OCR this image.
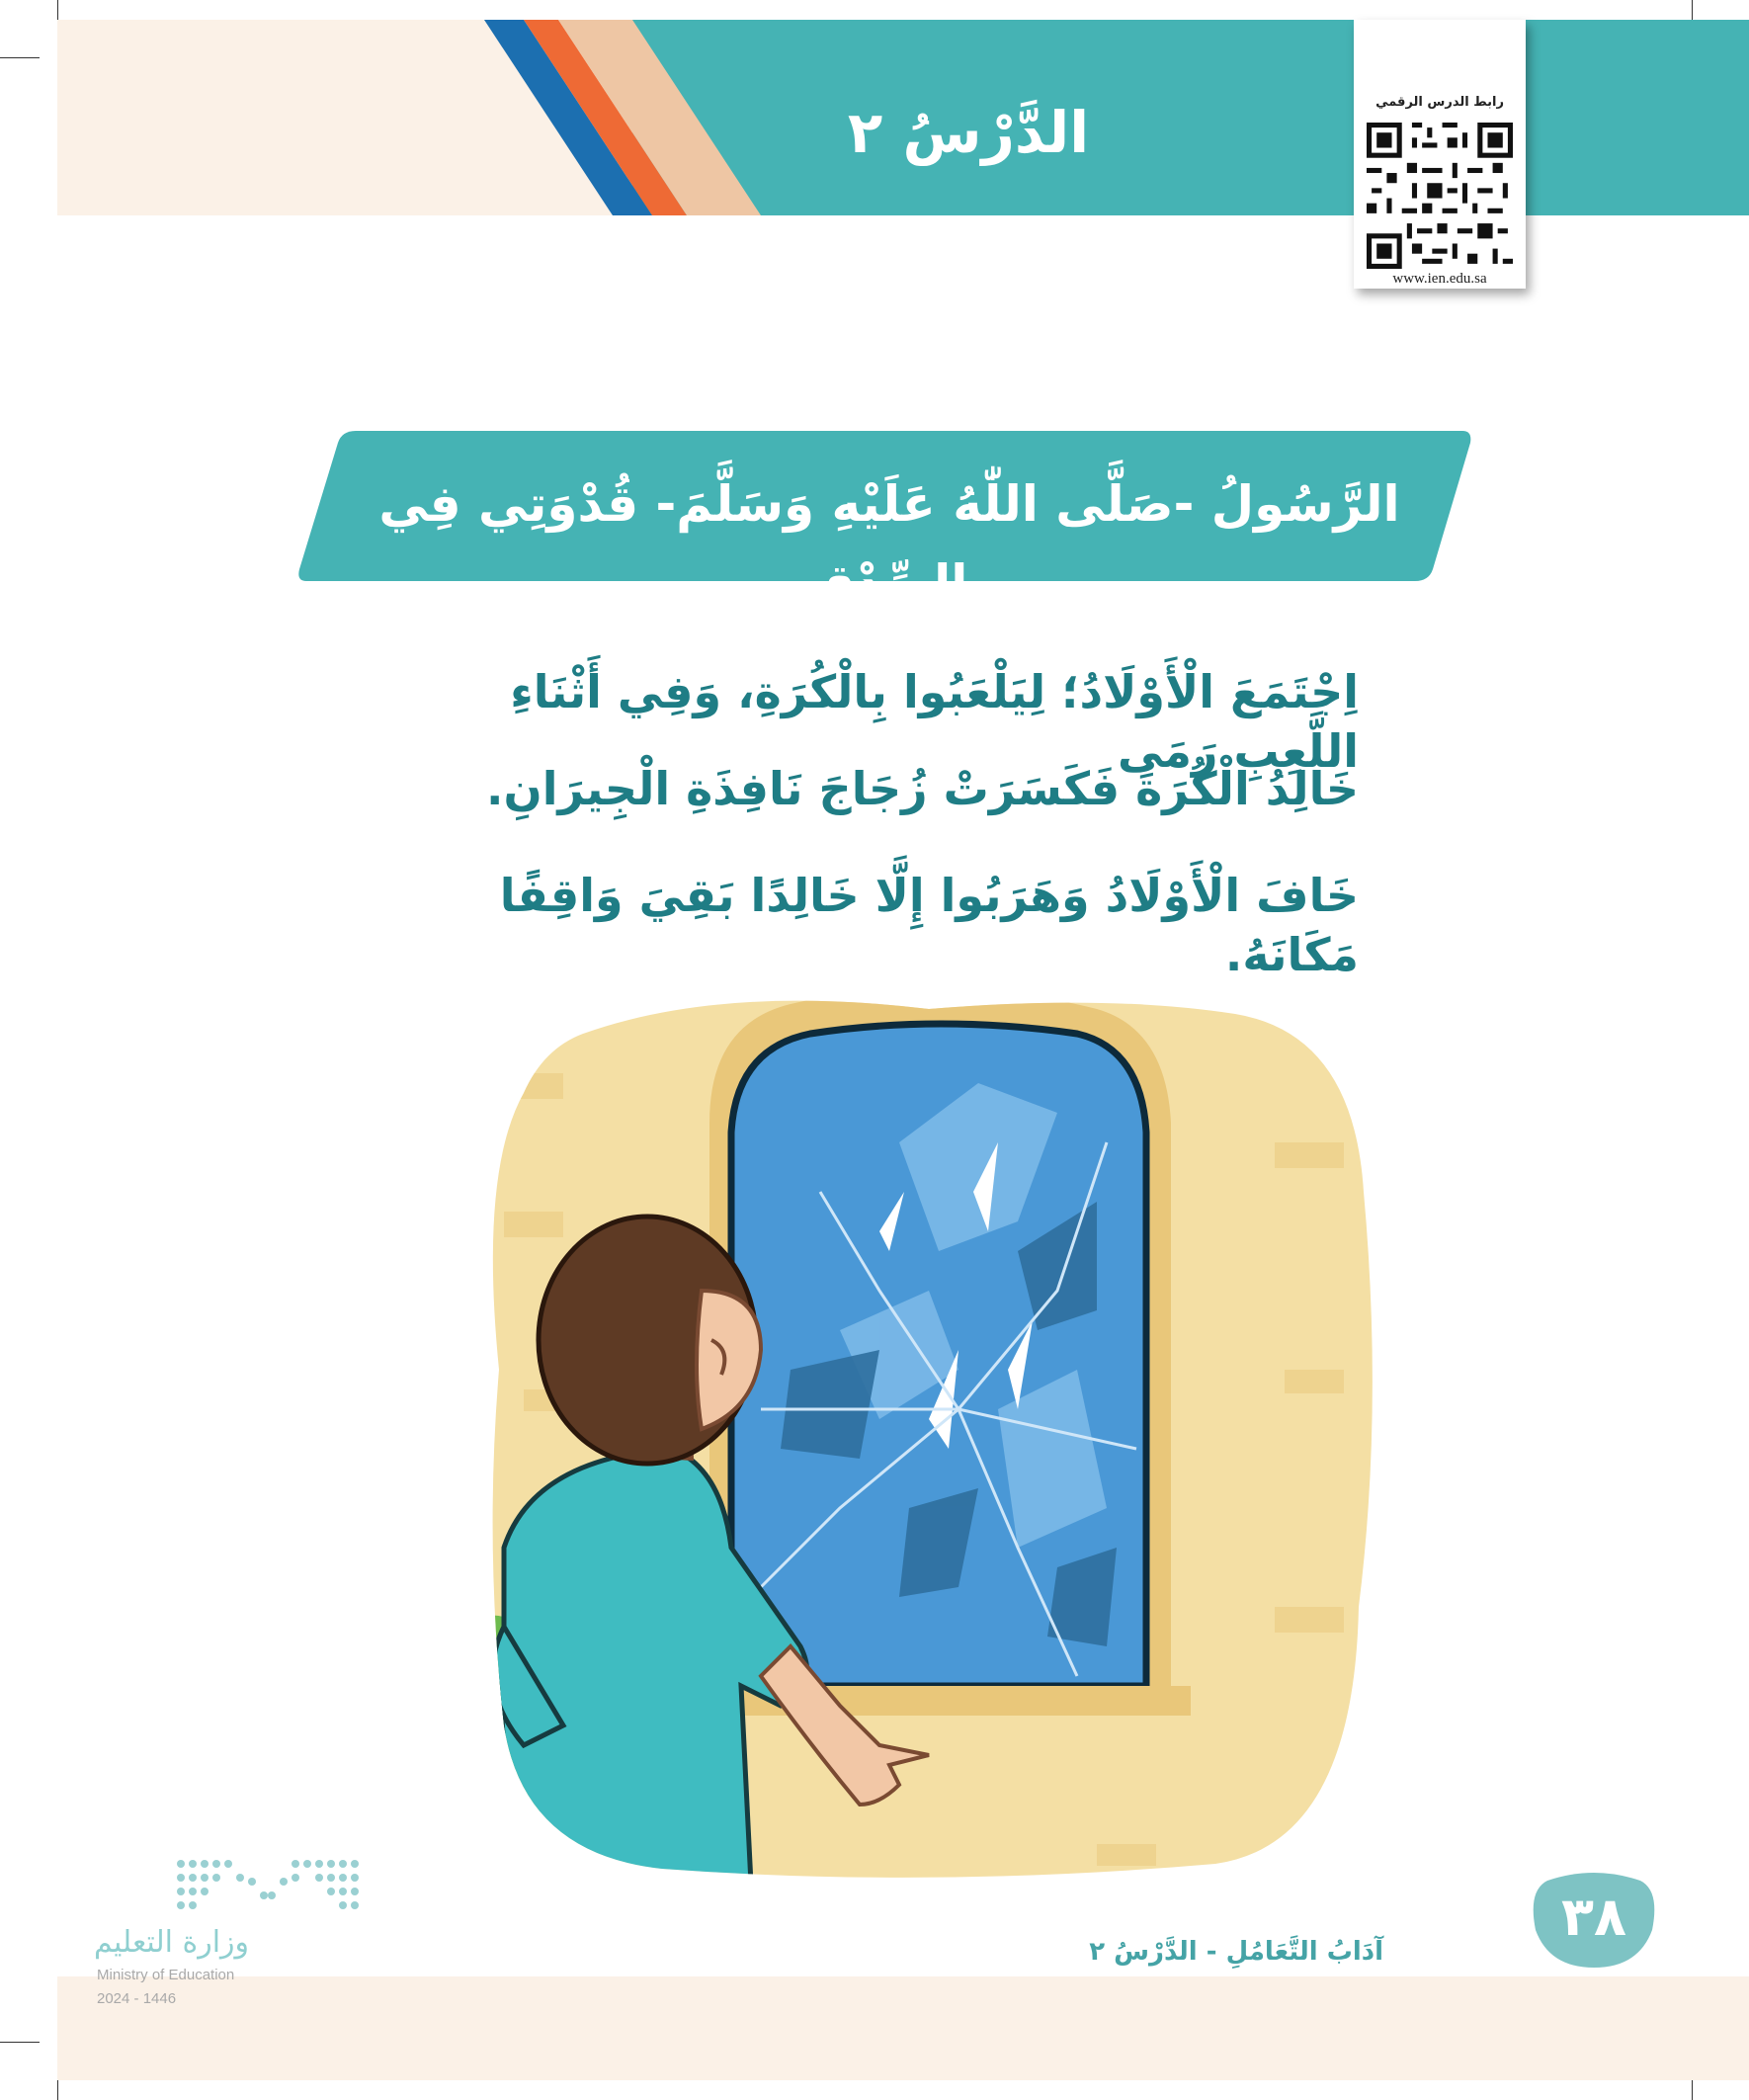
الدَّرْسُ ٢	رابط الدرس الرقمي
www.ien.edu.sa
الرَّسُولُ -صَلَّى اللّٰهُ عَلَيْهِ وَسَلَّمَ- قُدْوَتِي فِي الصِّدْقِ
اِجْتَمَعَ الْأَوْلَادُ؛ لِيَلْعَبُوا بِالْكُرَةِ، وَفِي أَثْنَاءِ اللَّعِبِ رَمَى
خَالِدُ الْكُرَةَ فَكَسَرَتْ زُجَاجَ نَافِذَةِ الْجِيرَانِ.
خَافَ الْأَوْلَادُ وَهَرَبُوا إِلَّا خَالِدًا بَقِيَ وَاقِفًا مَكَانَهُ.
٣٨
آدَابُ التَّعَامُلِ - الدَّرْسُ ٢
وزارة التعليم
Ministry of Education
2024 - 1446
